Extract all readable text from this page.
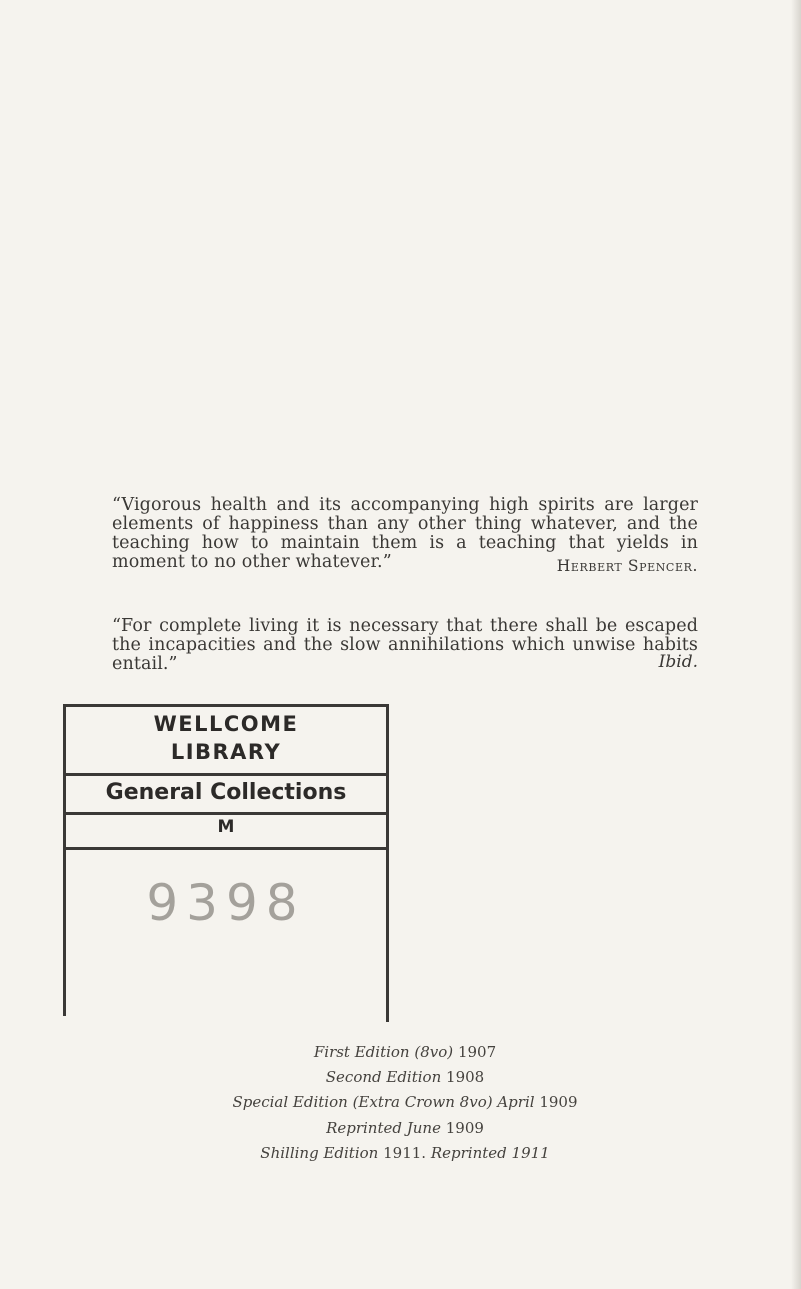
“Vigorous health and its accompanying high spirits are larger elements of happiness than any other thing whatever, and the teaching how to maintain them is a teaching that yields in moment to no other whatever.”	Herbert Spencer.

“For complete living it is necessary that there shall be escaped the incapacities and the slow annihilations which unwise habits entail.”	Ibid.
WELLCOME
LIBRARY
General Collections
M
9398
First Edition (8vo) 1907
Second Edition 1908
Special Edition (Extra Crown 8vo) April 1909
Reprinted June 1909
Shilling Edition 1911. Reprinted 1911
